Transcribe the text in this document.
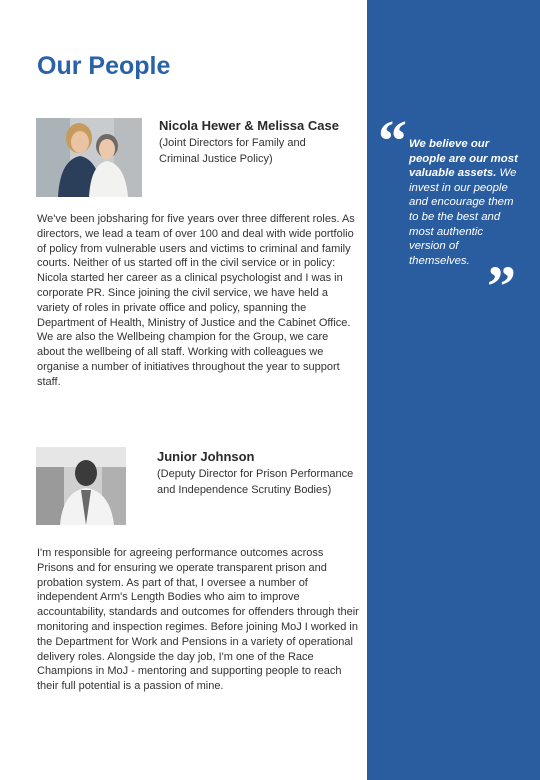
Our People

Nicola Hewer & Melissa Case

(Joint Directors for Family and Criminal Justice Policy)

We've been jobsharing for five years over three different roles. As directors, we lead a team of over 100 and deal with wide portfolio of policy from vulnerable users and victims to criminal and family courts. Neither of us started off in the civil service or in policy: Nicola started her career as a clinical psychologist and I was in corporate PR. Since joining the civil service, we have held a variety of roles in private office and policy, spanning the Department of Health, Ministry of Justice and the Cabinet Office. We are also the Wellbeing champion for the Group, we care about the wellbeing of all staff. Working with colleagues we organise a number of initiatives throughout the year to support staff.

Junior Johnson

(Deputy Director for Prison Performance and Independence Scrutiny Bodies)

I'm responsible for agreeing performance outcomes across Prisons and for ensuring we operate transparent prison and probation system. As part of that, I oversee a number of independent Arm's Length Bodies who aim to improve accountability, standards and outcomes for offenders through their monitoring and inspection regimes. Before joining MoJ I worked in the Department for Work and Pensions in a variety of operational delivery roles. Alongside the day job, I'm one of the Race Champions in MoJ - mentoring and supporting people to reach their full potential is a passion of mine.

“ We believe our people are our most valuable assets. We invest in our people and encourage them to be the best and most authentic version of themselves. ”
